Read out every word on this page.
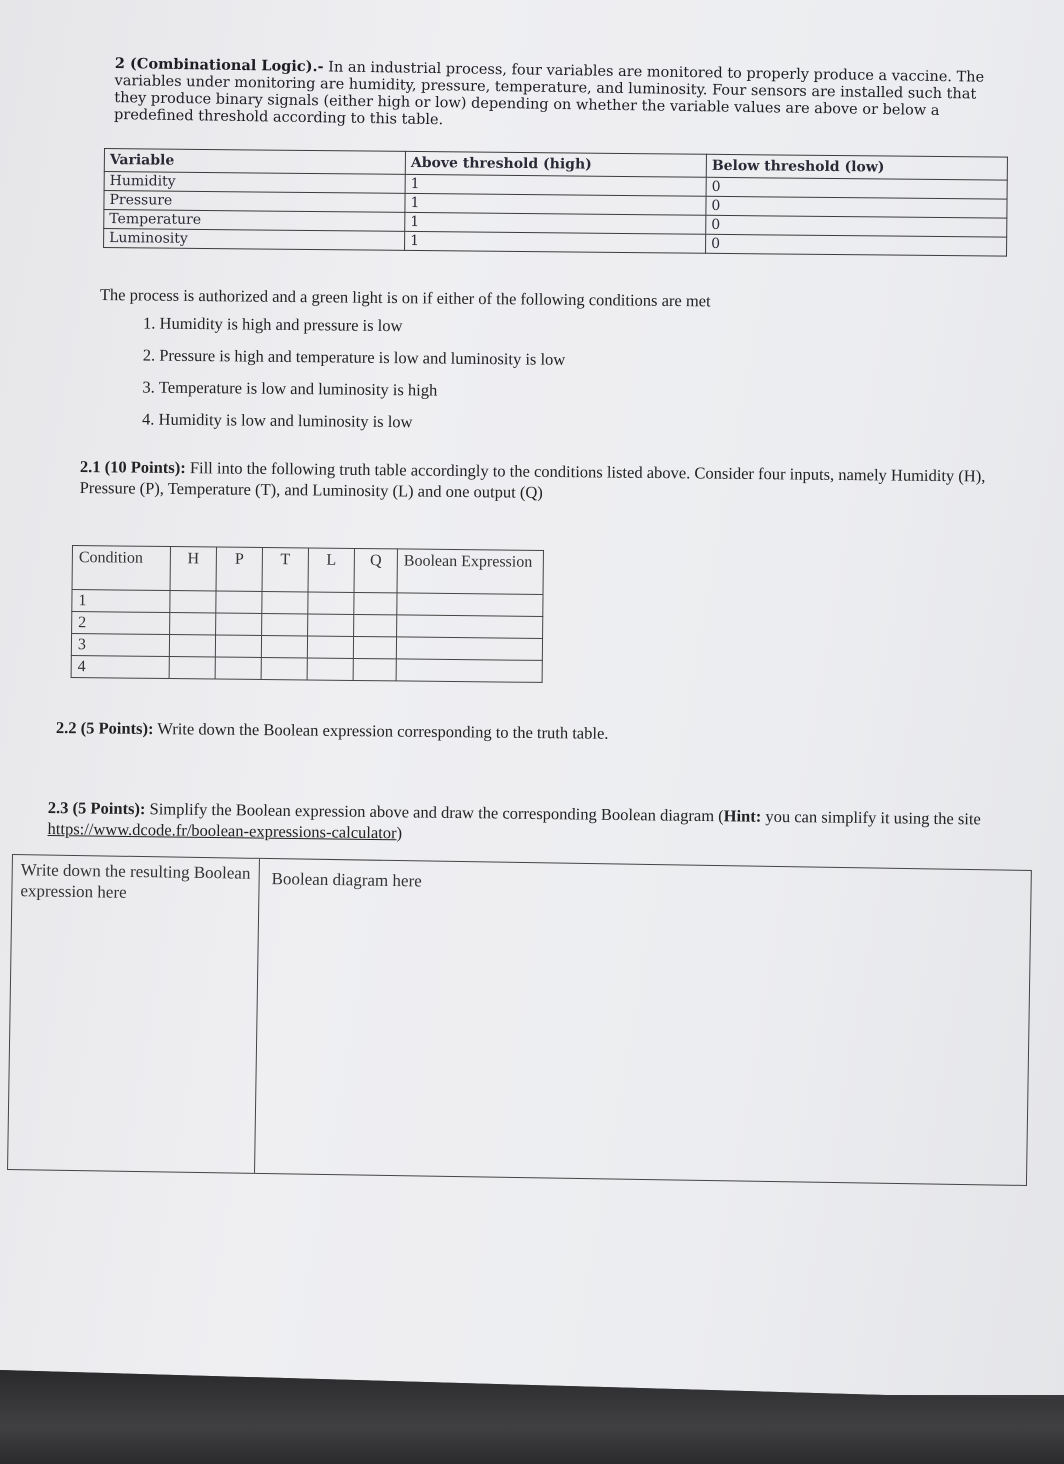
2 (Combinational Logic).- In an industrial process, four variables are monitored to properly produce a vaccine. The variables under monitoring are humidity, pressure, temperature, and luminosity. Four sensors are installed such that they produce binary signals (either high or low) depending on whether the variable values are above or below a predefined threshold according to this table.
Variable	Above threshold (high)	Below threshold (low)
Humidity	1	0
Pressure	1	0
Temperature	1	0
Luminosity	1	0
The process is authorized and a green light is on if either of the following conditions are met
1. Humidity is high and pressure is low
2. Pressure is high and temperature is low and luminosity is low
3. Temperature is low and luminosity is high
4. Humidity is low and luminosity is low
2.1 (10 Points): Fill into the following truth table accordingly to the conditions listed above. Consider four inputs, namely Humidity (H), Pressure (P), Temperature (T), and Luminosity (L) and one output (Q)
Condition	H	P	T	L	Q	Boolean Expression
1						
2						
3						
4						
2.2 (5 Points): Write down the Boolean expression corresponding to the truth table.
2.3 (5 Points): Simplify the Boolean expression above and draw the corresponding Boolean diagram (Hint: you can simplify it using the site https://www.dcode.fr/boolean-expressions-calculator)
Write down the resulting Boolean expression here
Boolean diagram here
